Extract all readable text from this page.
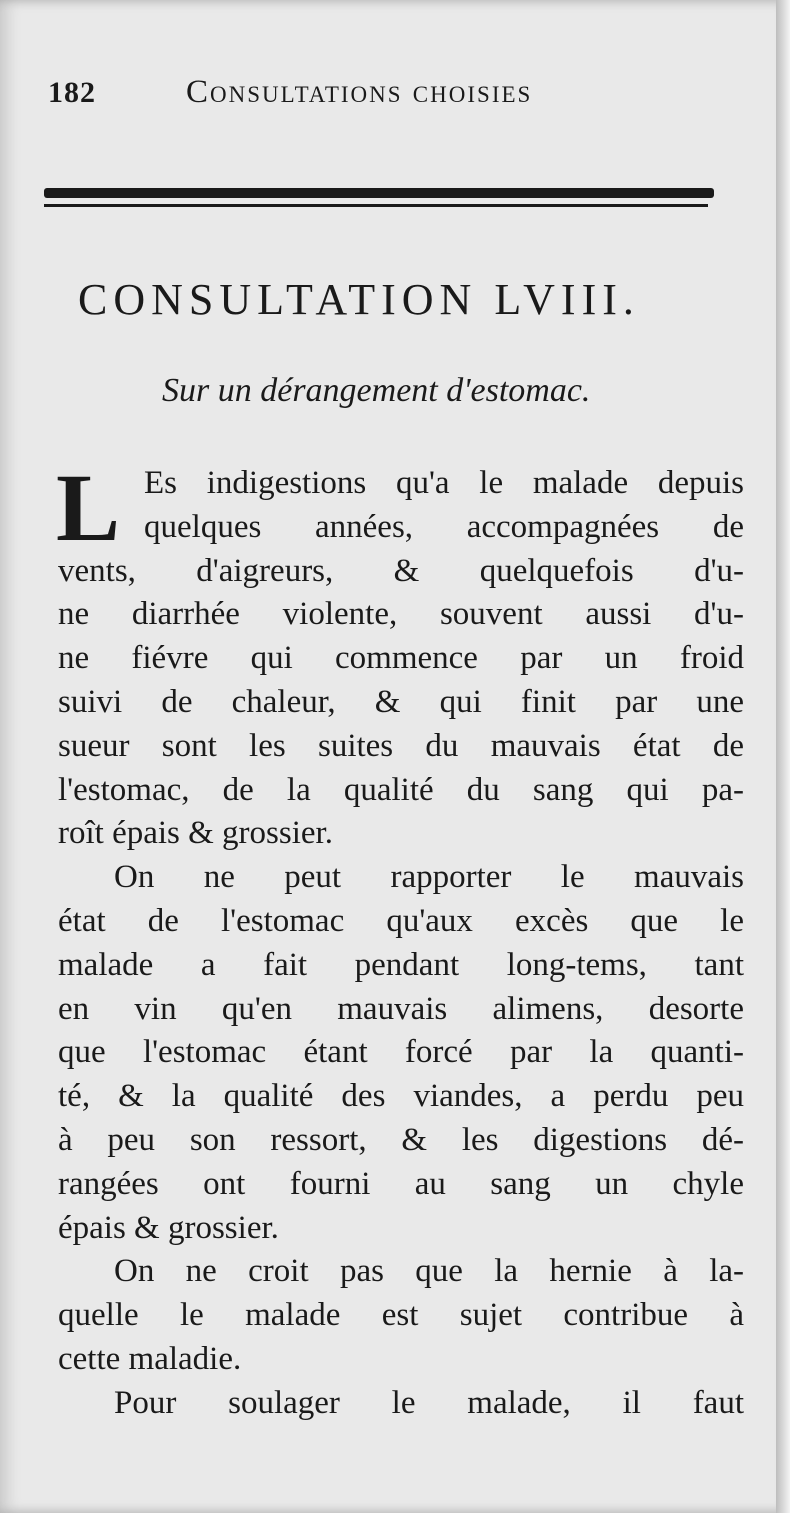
182	Consultations choisies
CONSULTATION LVIII.
Sur un dérangement d'estomac.
L Es indigestions qu'a le malade depuis
quelques années, accompagnées de
vents, d'aigreurs, & quelquefois d'u-
ne diarrhée violente, souvent aussi d'u-
ne fiévre qui commence par un froid
suivi de chaleur, & qui finit par une
sueur sont les suites du mauvais état de
l'estomac, de la qualité du sang qui pa-
roît épais & grossier.
On ne peut rapporter le mauvais
état de l'estomac qu'aux excès que le
malade a fait pendant long-tems, tant
en vin qu'en mauvais alimens, desorte
que l'estomac étant forcé par la quanti-
té, & la qualité des viandes, a perdu peu
à peu son ressort, & les digestions dé-
rangées ont fourni au sang un chyle
épais & grossier.
On ne croit pas que la hernie à la-
quelle le malade est sujet contribue à
cette maladie.
Pour soulager le malade, il faut
